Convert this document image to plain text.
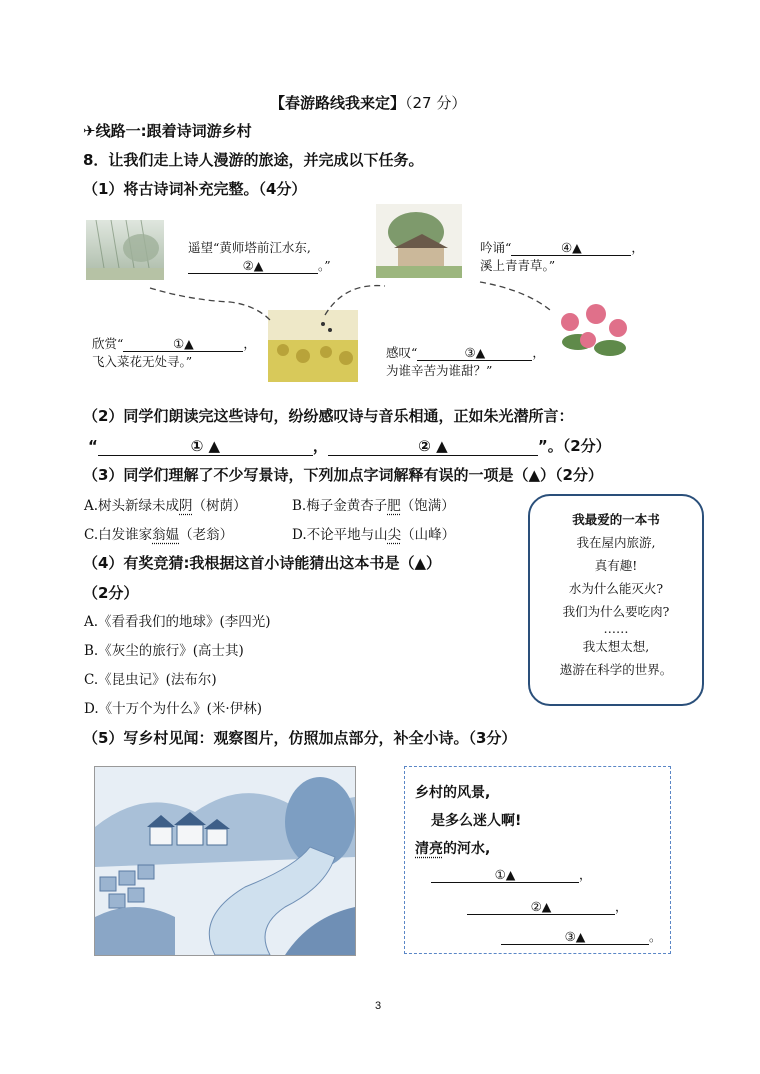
【春游路线我来定】（27 分）
✈线路一:跟着诗词游乡村
8．让我们走上诗人漫游的旅途，并完成以下任务。
（1）将古诗词补充完整。（4分）
遥望“黄师塔前江水东,
②▲	。”
吟诵“	④▲	，
溪上青青草。”
欣赏“	①▲	，
飞入菜花无处寻。”
感叹“	③▲	，
为谁辛苦为谁甜？”
（2）同学们朗读完这些诗句，纷纷感叹诗与音乐相通，正如朱光潜所言：
“	① ▲	，	② ▲	”。（2分）
（3）同学们理解了不少写景诗，下列加点字词解释有误的一项是（▲）（2分）
A.树头新绿未成阴（树荫）	B.梅子金黄杏子肥（饱满）
C.白发谁家翁媪（老翁）	D.不论平地与山尖（山峰）
（4）有奖竞猜:我根据这首小诗能猜出这本书是（▲）
（2分）
A.《看看我们的地球》(李四光)
B.《灰尘的旅行》(高士其)
C.《昆虫记》(法布尔)
D.《十万个为什么》(米·伊林)
我最爱的一本书
我在屋内旅游,
真有趣!
水为什么能灭火?
我们为什么要吃肉?
……
我太想太想,
遨游在科学的世界。
（5）写乡村见闻：观察图片，仿照加点部分，补全小诗。（3分）
乡村的风景,
是多么迷人啊!
清亮的河水,
①▲	，
②▲	，
③▲	。
3
